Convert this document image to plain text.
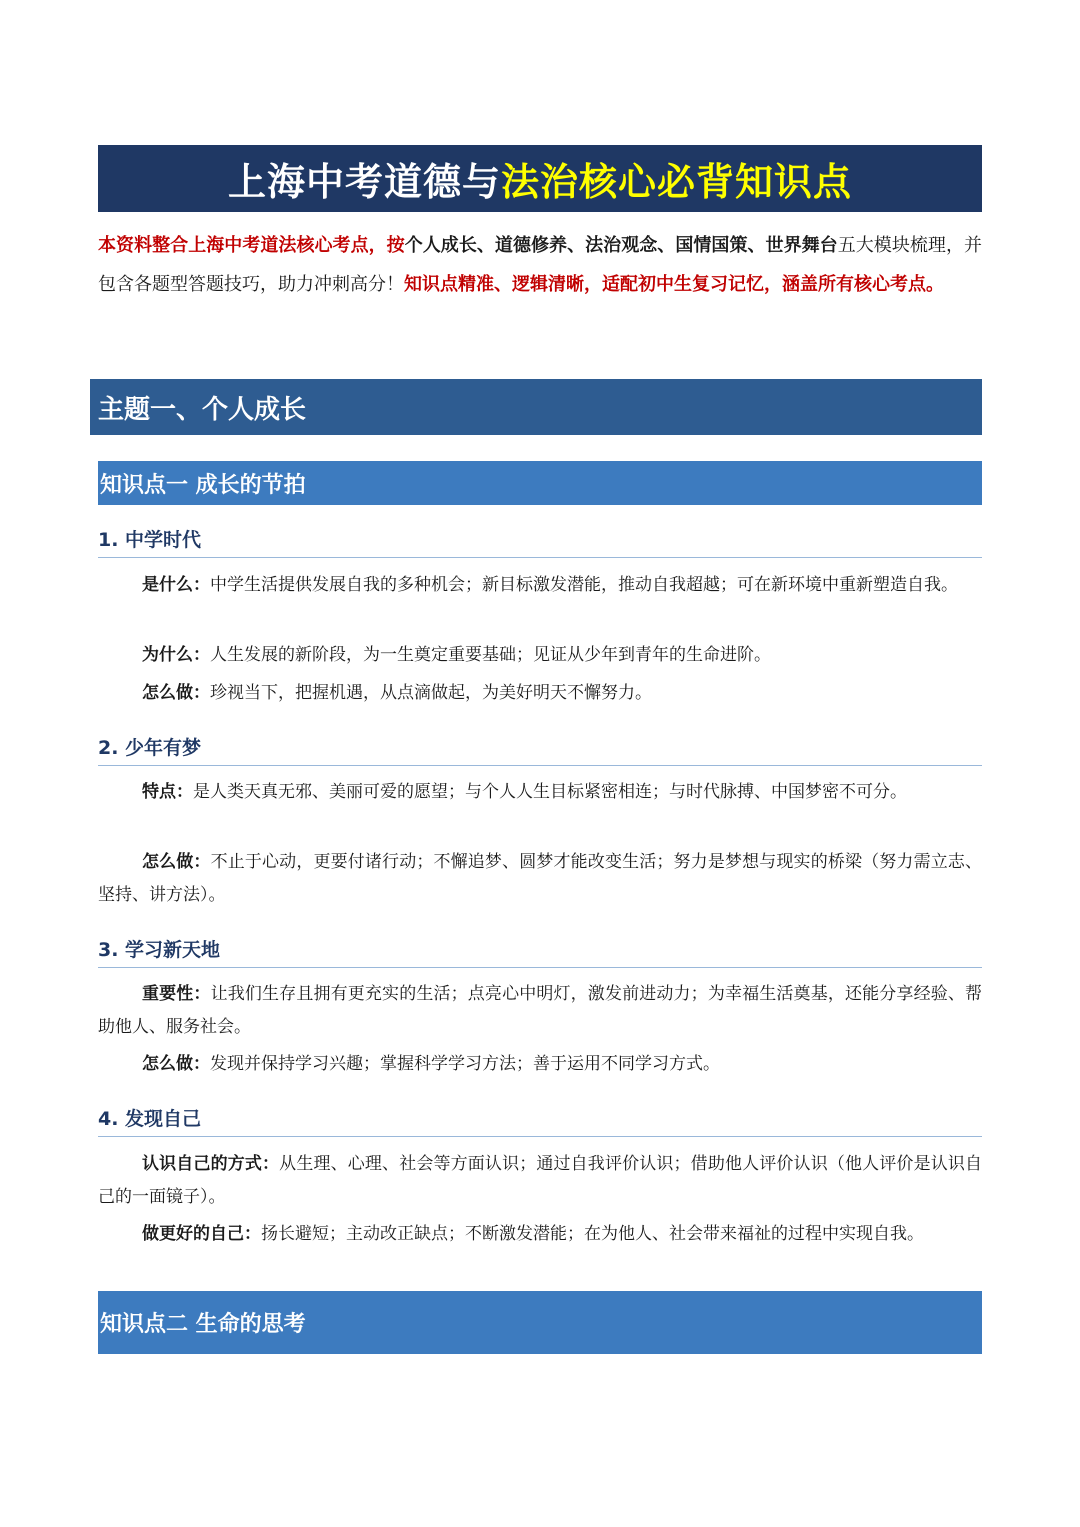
上海中考道德与 法治核心必背知识点
本资料整合上海中考道法核心考点，按个人成长、道德修养、法治观念、国情国策、世界舞台五大模块梳理，并包含各题型答题技巧，助力冲刺高分！知识点精准、逻辑清晰，适配初中生复习记忆，涵盖所有核心考点。
主题一、个人成长
知识点一 成长的节拍
1. 中学时代
是什么：中学生活提供发展自我的多种机会；新目标激发潜能，推动自我超越；可在新环境中重新塑造自我。
为什么：人生发展的新阶段，为一生奠定重要基础；见证从少年到青年的生命进阶。
怎么做：珍视当下，把握机遇，从点滴做起，为美好明天不懈努力。
2. 少年有梦
特点：是人类天真无邪、美丽可爱的愿望；与个人人生目标紧密相连；与时代脉搏、中国梦密不可分。
怎么做：不止于心动，更要付诸行动；不懈追梦、圆梦才能改变生活；努力是梦想与现实的桥梁（努力需立志、坚持、讲方法）。
3. 学习新天地
重要性：让我们生存且拥有更充实的生活；点亮心中明灯，激发前进动力；为幸福生活奠基，还能分享经验、帮助他人、服务社会。
怎么做：发现并保持学习兴趣；掌握科学学习方法；善于运用不同学习方式。
4. 发现自己
认识自己的方式：从生理、心理、社会等方面认识；通过自我评价认识；借助他人评价认识（他人评价是认识自己的一面镜子）。
做更好的自己：扬长避短；主动改正缺点；不断激发潜能；在为他人、社会带来福祉的过程中实现自我。
知识点二 生命的思考
